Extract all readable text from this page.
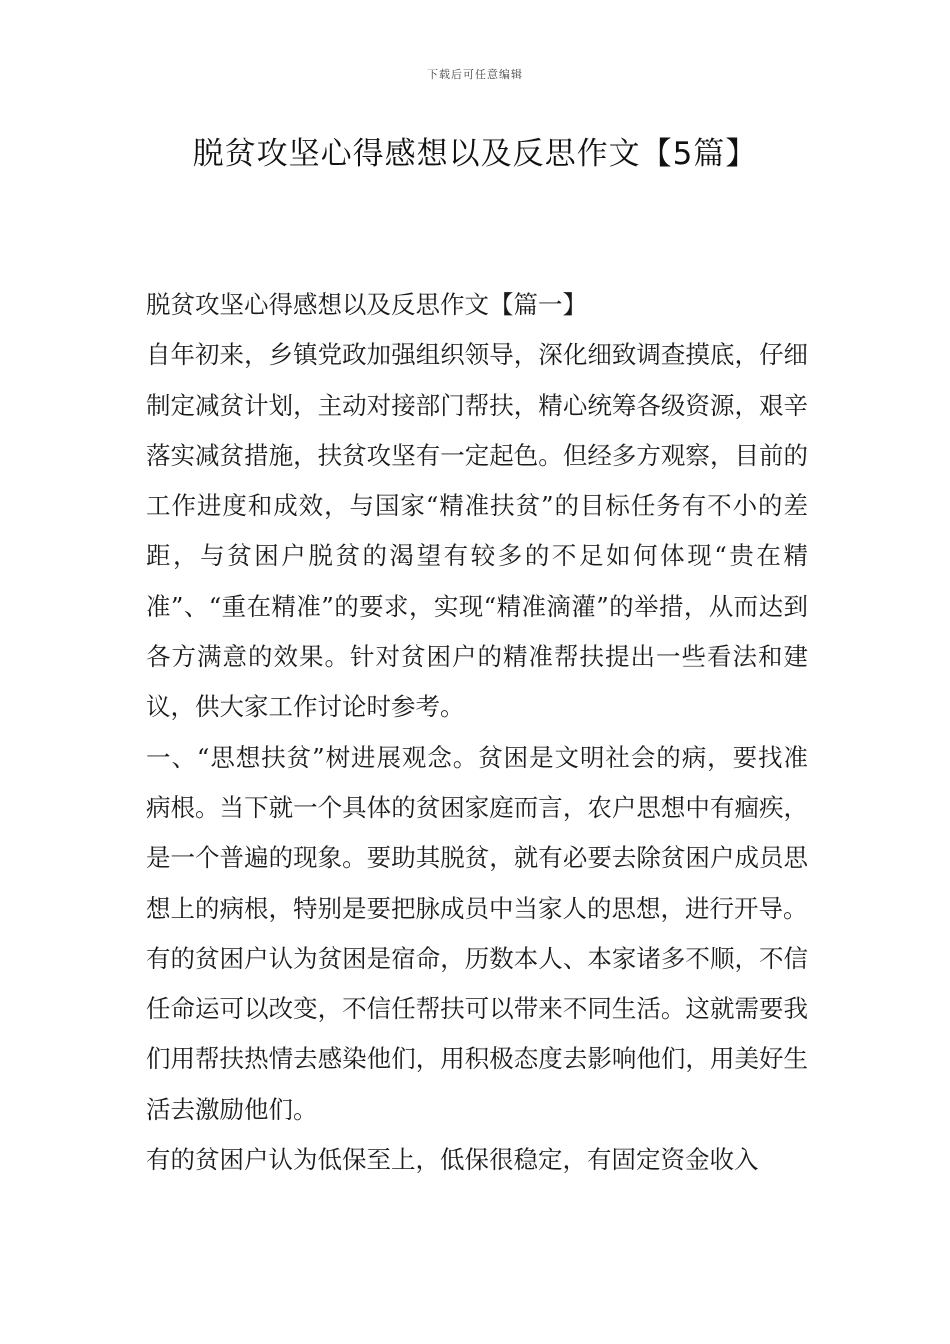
下载后可任意编辑
脱贫攻坚心得感想以及反思作文【5篇】

脱贫攻坚心得感想以及反思作文【篇一】

自年初来，乡镇党政加强组织领导，深化细致调查摸底，仔细制定减贫计划，主动对接部门帮扶，精心统筹各级资源，艰辛落实减贫措施，扶贫攻坚有一定起色。但经多方观察，目前的工作进度和成效，与国家“精准扶贫”的目标任务有不小的差距，与贫困户脱贫的渴望有较多的不足如何体现“贵在精准”、“重在精准”的要求，实现“精准滴灌”的举措，从而达到各方满意的效果。针对贫困户的精准帮扶提出一些看法和建议，供大家工作讨论时参考。

一、“思想扶贫”树进展观念。贫困是文明社会的病，要找准病根。当下就一个具体的贫困家庭而言，农户思想中有痼疾，是一个普遍的现象。要助其脱贫，就有必要去除贫困户成员思想上的病根，特别是要把脉成员中当家人的思想，进行开导。

有的贫困户认为贫困是宿命，历数本人、本家诸多不顺，不信任命运可以改变，不信任帮扶可以带来不同生活。这就需要我们用帮扶热情去感染他们，用积极态度去影响他们，用美好生活去激励他们。

有的贫困户认为低保至上，低保很稳定，有固定资金收入
